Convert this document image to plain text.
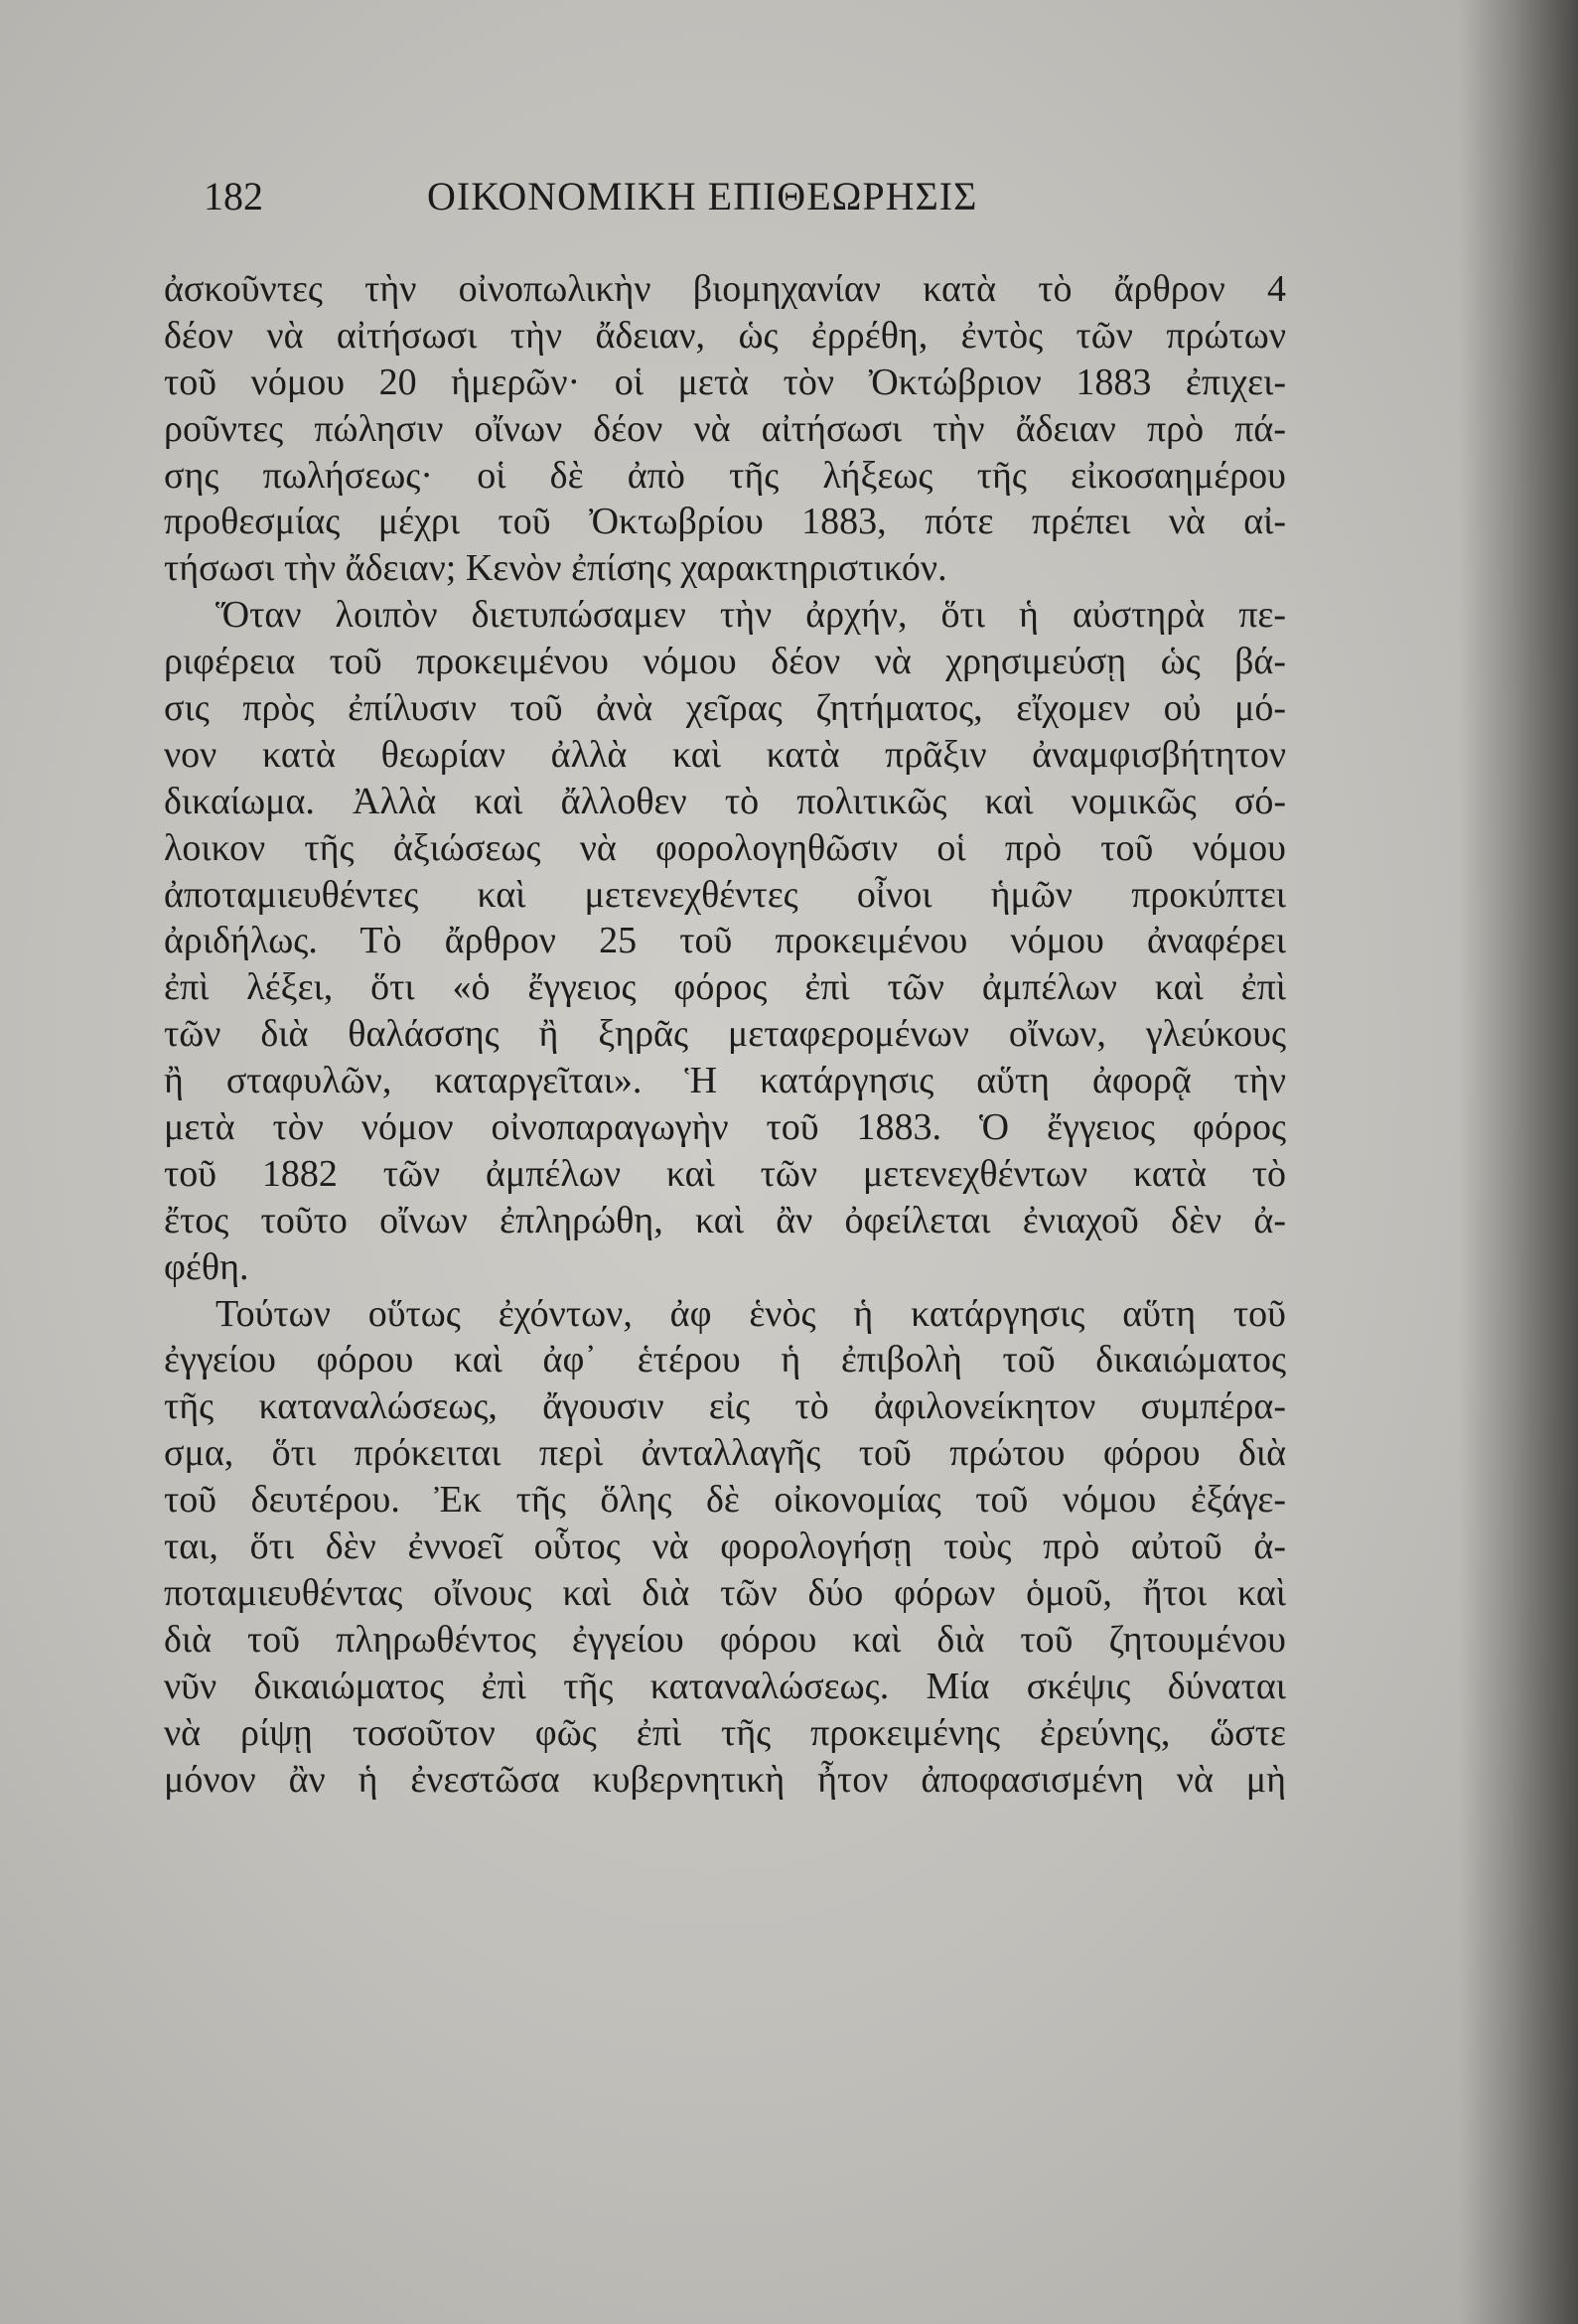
182	ΟΙΚΟΝΟΜΙΚΗ ΕΠΙΘΕΩΡΗΣΙΣ
ἀσκοῦντες τὴν οἰνοπωλικὴν βιομηχανίαν κατὰ τὸ ἄρθρον 4
δέον νὰ αἰτήσωσι τὴν ἄδειαν, ὡς ἐρρέθη, ἐντὸς τῶν πρώτων
τοῦ νόμου 20 ἡμερῶν· οἱ μετὰ τὸν Ὀκτώβριον 1883 ἐπιχει-
ροῦντες πώλησιν οἴνων δέον νὰ αἰτήσωσι τὴν ἄδειαν πρὸ πά-
σης πωλήσεως· οἱ δὲ ἀπὸ τῆς λήξεως τῆς εἰκοσαημέρου
προθεσμίας μέχρι τοῦ Ὀκτωβρίου 1883, πότε πρέπει νὰ αἰ-
τήσωσι τὴν ἄδειαν; Κενὸν ἐπίσης χαρακτηριστικόν.
Ὅταν λοιπὸν διετυπώσαμεν τὴν ἀρχήν, ὅτι ἡ αὐστηρὰ πε-
ριφέρεια τοῦ προκειμένου νόμου δέον νὰ χρησιμεύσῃ ὡς βά-
σις πρὸς ἐπίλυσιν τοῦ ἀνὰ χεῖρας ζητήματος, εἴχομεν οὐ μό-
νον κατὰ θεωρίαν ἀλλὰ καὶ κατὰ πρᾶξιν ἀναμφισβήτητον
δικαίωμα. Ἀλλὰ καὶ ἄλλοθεν τὸ πολιτικῶς καὶ νομικῶς σό-
λοικον τῆς ἀξιώσεως νὰ φορολογηθῶσιν οἱ πρὸ τοῦ νόμου
ἀποταμιευθέντες καὶ μετενεχθέντες οἶνοι ἡμῶν προκύπτει
ἀριδήλως. Τὸ ἄρθρον 25 τοῦ προκειμένου νόμου ἀναφέρει
ἐπὶ λέξει, ὅτι «ὁ ἔγγειος φόρος ἐπὶ τῶν ἀμπέλων καὶ ἐπὶ
τῶν διὰ θαλάσσης ἢ ξηρᾶς μεταφερομένων οἴνων, γλεύκους
ἢ σταφυλῶν, καταργεῖται». Ἡ κατάργησις αὕτη ἀφορᾷ τὴν
μετὰ τὸν νόμον οἰνοπαραγωγὴν τοῦ 1883. Ὁ ἔγγειος φόρος
τοῦ 1882 τῶν ἀμπέλων καὶ τῶν μετενεχθέντων κατὰ τὸ
ἔτος τοῦτο οἴνων ἐπληρώθη, καὶ ἂν ὀφείλεται ἐνιαχοῦ δὲν ἀ-
φέθη.
Τούτων οὕτως ἐχόντων, ἀφ ἑνὸς ἡ κατάργησις αὕτη τοῦ
ἐγγείου φόρου καὶ ἀφ᾽ ἑτέρου ἡ ἐπιβολὴ τοῦ δικαιώματος
τῆς καταναλώσεως, ἄγουσιν εἰς τὸ ἀφιλονείκητον συμπέρα-
σμα, ὅτι πρόκειται περὶ ἀνταλλαγῆς τοῦ πρώτου φόρου διὰ
τοῦ δευτέρου. Ἐκ τῆς ὅλης δὲ οἰκονομίας τοῦ νόμου ἐξάγε-
ται, ὅτι δὲν ἐννοεῖ οὗτος νὰ φορολογήσῃ τοὺς πρὸ αὐτοῦ ἀ-
ποταμιευθέντας οἴνους καὶ διὰ τῶν δύο φόρων ὁμοῦ, ἤτοι καὶ
διὰ τοῦ πληρωθέντος ἐγγείου φόρου καὶ διὰ τοῦ ζητουμένου
νῦν δικαιώματος ἐπὶ τῆς καταναλώσεως. Μία σκέψις δύναται
νὰ ρίψῃ τοσοῦτον φῶς ἐπὶ τῆς προκειμένης ἐρεύνης, ὥστε
μόνον ἂν ἡ ἐνεστῶσα κυβερνητικὴ ἦτον ἀποφασισμένη νὰ μὴ
